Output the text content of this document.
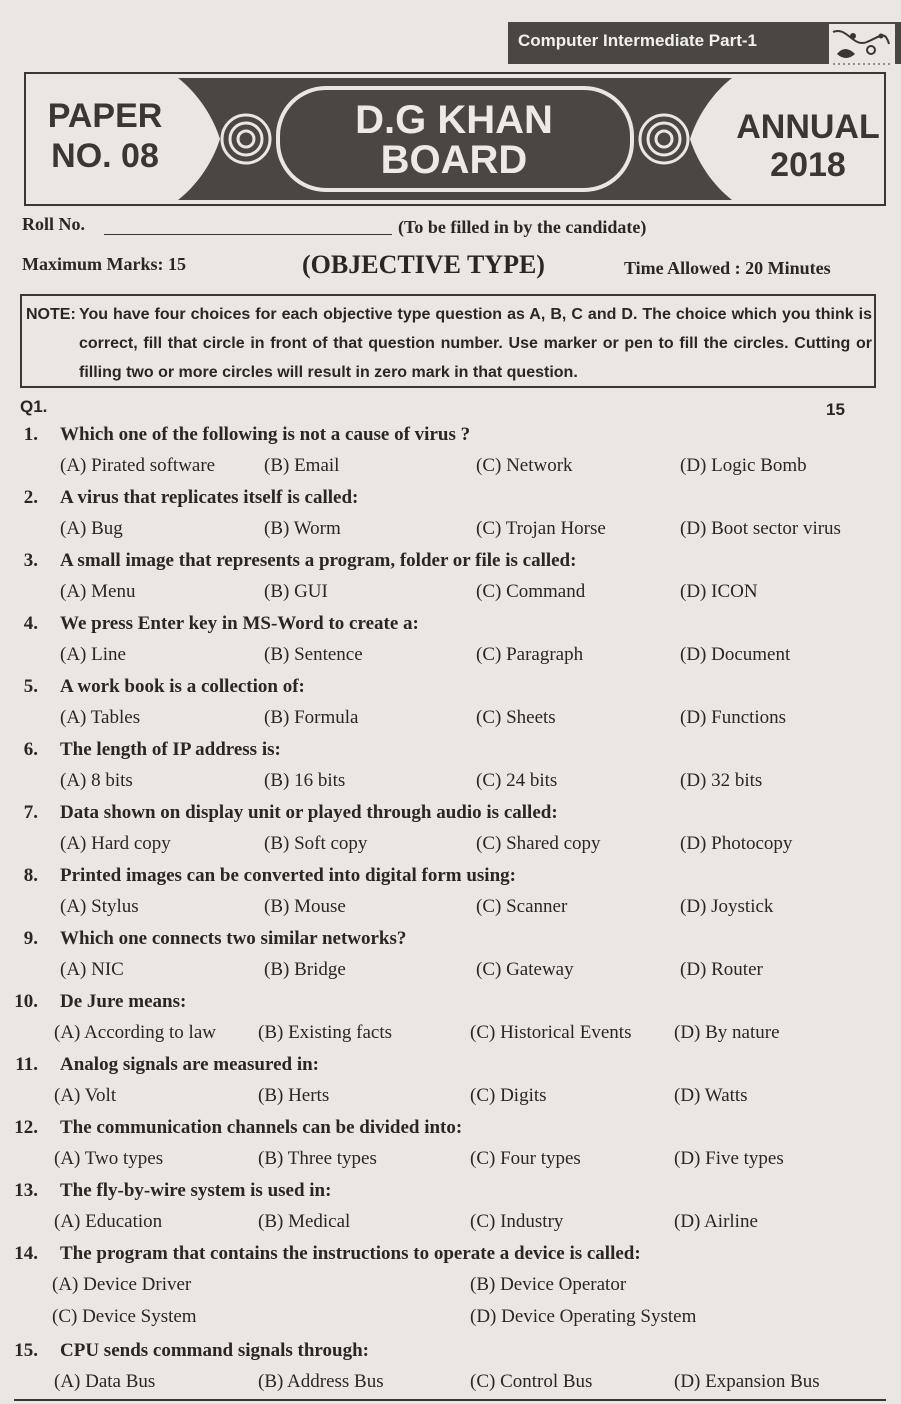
Computer Intermediate Part-1
PAPER
NO. 08
D.G KHAN
BOARD
ANNUAL
2018
Roll No.	(To be filled in by the candidate)
Maximum Marks: 15	(OBJECTIVE TYPE)	Time Allowed : 20 Minutes
NOTE: You have four choices for each objective type question as A, B, C and D. The choice which you think is correct, fill that circle in front of that question number. Use marker or pen to fill the circles. Cutting or filling two or more circles will result in zero mark in that question.
Q1.	15
1. Which one of the following is not a cause of virus ?
(A) Pirated software	(B) Email	(C) Network	(D) Logic Bomb
2. A virus that replicates itself is called:
(A) Bug	(B) Worm	(C) Trojan Horse	(D) Boot sector virus
3. A small image that represents a program, folder or file is called:
(A) Menu	(B) GUI	(C) Command	(D) ICON
4. We press Enter key in MS-Word to create a:
(A) Line	(B) Sentence	(C) Paragraph	(D) Document
5. A work book is a collection of:
(A) Tables	(B) Formula	(C) Sheets	(D) Functions
6. The length of IP address is:
(A) 8 bits	(B) 16 bits	(C) 24 bits	(D) 32 bits
7. Data shown on display unit or played through audio is called:
(A) Hard copy	(B) Soft copy	(C) Shared copy	(D) Photocopy
8. Printed images can be converted into digital form using:
(A) Stylus	(B) Mouse	(C) Scanner	(D) Joystick
9. Which one connects two similar networks?
(A) NIC	(B) Bridge	(C) Gateway	(D) Router
10. De Jure means:
(A) According to law (B) Existing facts	(C) Historical Events (D) By nature
11. Analog signals are measured in:
(A) Volt	(B) Herts	(C) Digits	(D) Watts
12. The communication channels can be divided into:
(A) Two types	(B) Three types	(C) Four types	(D) Five types
13. The fly-by-wire system is used in:
(A) Education	(B) Medical	(C) Industry	(D) Airline
14. The program that contains the instructions to operate a device is called:
(A) Device Driver	(B) Device Operator
(C) Device System	(D) Device Operating System
15. CPU sends command signals through:
(A) Data Bus	(B) Address Bus	(C) Control Bus	(D) Expansion Bus
